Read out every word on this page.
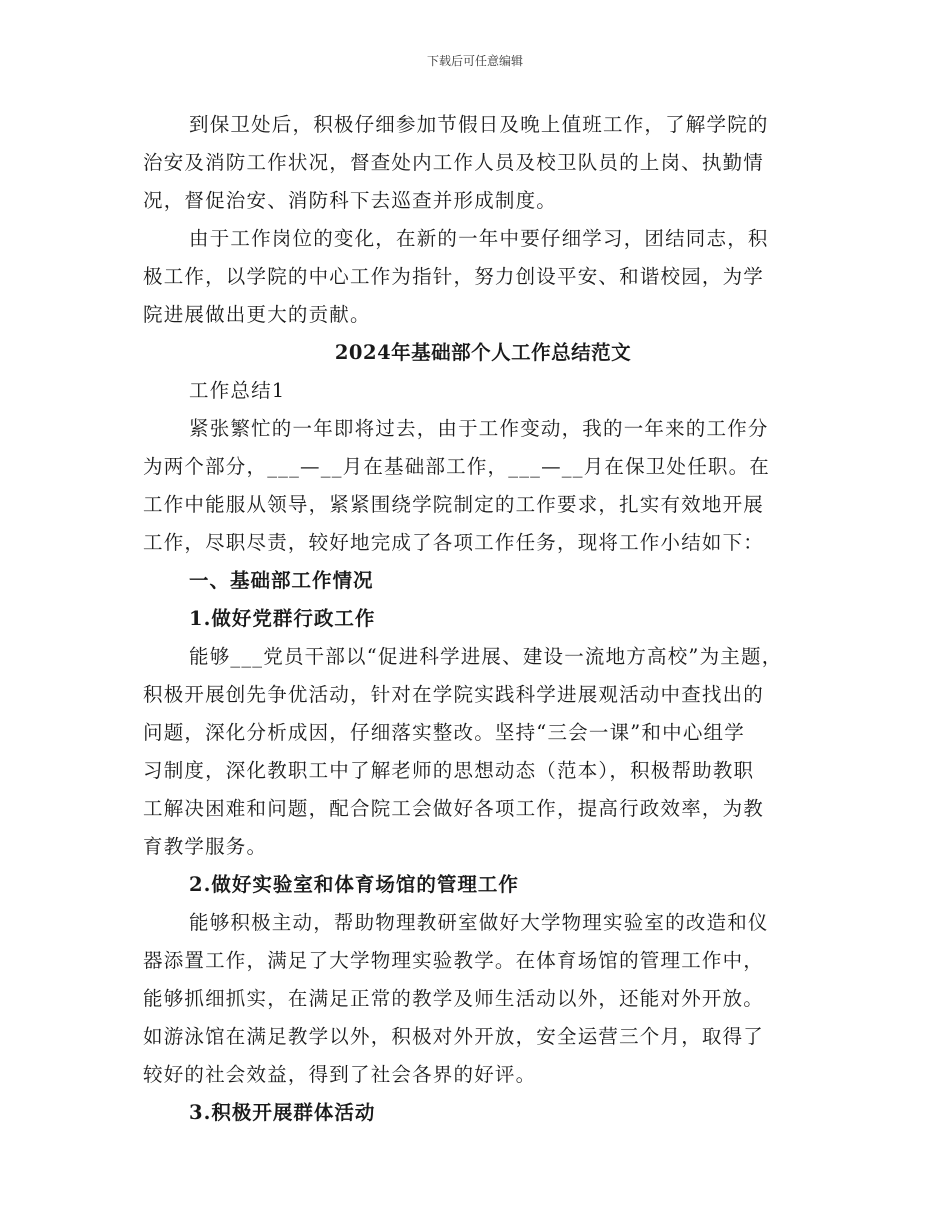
下载后可任意编辑

到保卫处后，积极仔细参加节假日及晚上值班工作，了解学院的
治安及消防工作状况，督查处内工作人员及校卫队员的上岗、执勤情
况，督促治安、消防科下去巡查并形成制度。

由于工作岗位的变化，在新的一年中要仔细学习，团结同志，积
极工作，以学院的中心工作为指针，努力创设平安、和谐校园，为学
院进展做出更大的贡献。

2024年基础部个人工作总结范文

工作总结1

紧张繁忙的一年即将过去，由于工作变动，我的一年来的工作分
为两个部分，___—__月在基础部工作，___—__月在保卫处任职。在
工作中能服从领导，紧紧围绕学院制定的工作要求，扎实有效地开展
工作，尽职尽责，较好地完成了各项工作任务，现将工作小结如下：

一、基础部工作情况

1.做好党群行政工作

能够___党员干部以“促进科学进展、建设一流地方高校”为主题，
积极开展创先争优活动，针对在学院实践科学进展观活动中查找出的
问题，深化分析成因，仔细落实整改。坚持“三会一课”和中心组学
习制度，深化教职工中了解老师的思想动态（范本），积极帮助教职
工解决困难和问题，配合院工会做好各项工作，提高行政效率，为教
育教学服务。

2.做好实验室和体育场馆的管理工作

能够积极主动，帮助物理教研室做好大学物理实验室的改造和仪
器添置工作，满足了大学物理实验教学。在体育场馆的管理工作中，
能够抓细抓实，在满足正常的教学及师生活动以外，还能对外开放。
如游泳馆在满足教学以外，积极对外开放，安全运营三个月，取得了
较好的社会效益，得到了社会各界的好评。

3.积极开展群体活动
